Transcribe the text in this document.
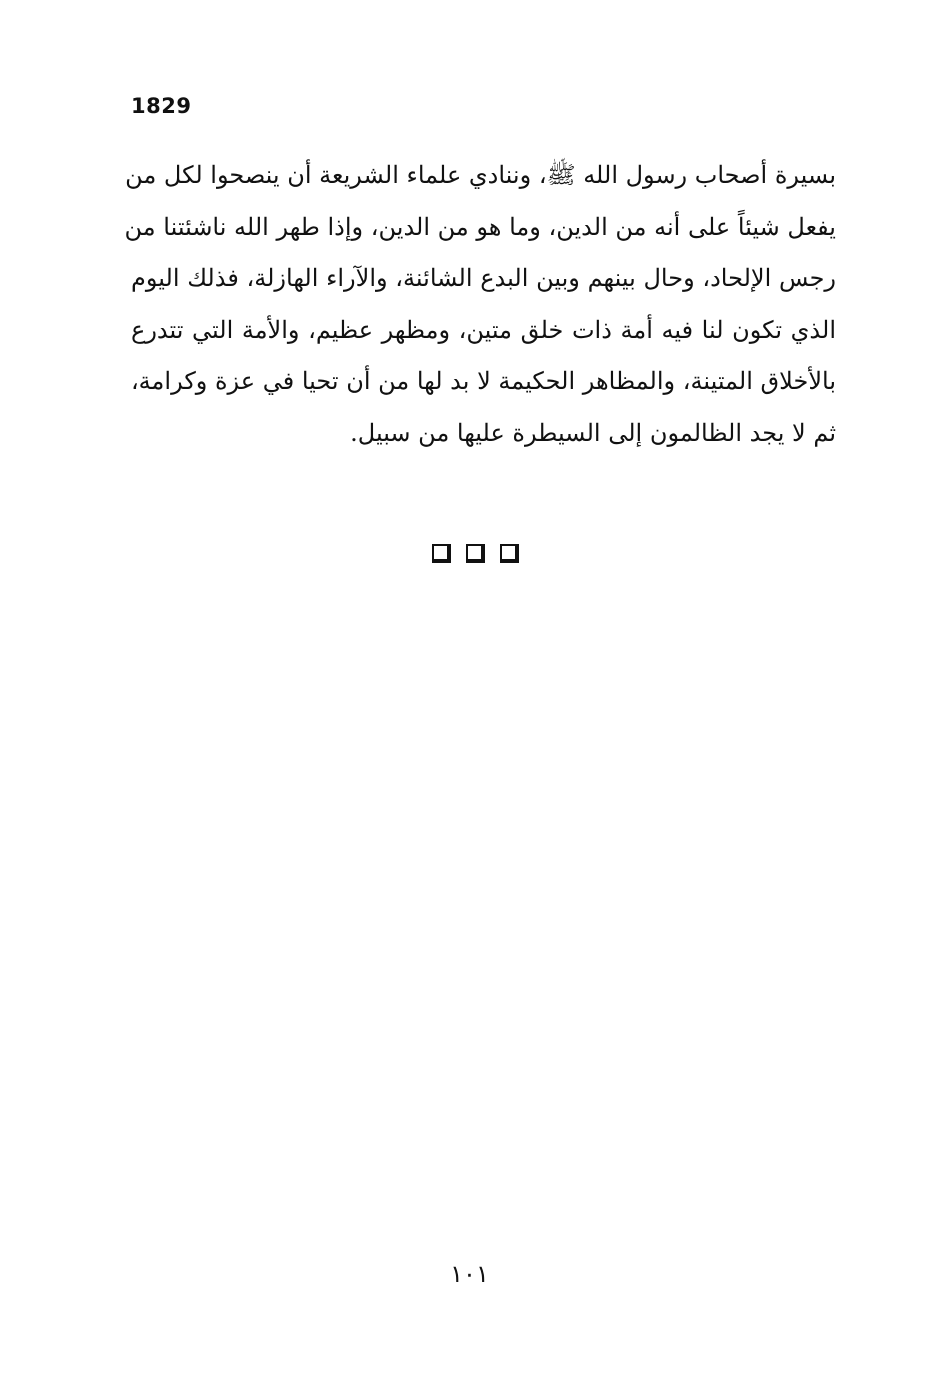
1829
بسيرة أصحاب رسول الله ﷺ، وننادي علماء الشريعة أن ينصحوا لكل من
يفعل شيئاً على أنه من الدين، وما هو من الدين، وإذا طهر الله ناشئتنا من
رجس الإلحاد، وحال بينهم وبين البدع الشائنة، والآراء الهازلة، فذلك اليوم
الذي تكون لنا فيه أمة ذات خلق متين، ومظهر عظيم، والأمة التي تتدرع
بالأخلاق المتينة، والمظاهر الحكيمة لا بد لها من أن تحيا في عزة وكرامة،
ثم لا يجد الظالمون إلى السيطرة عليها من سبيل.
١٠١
